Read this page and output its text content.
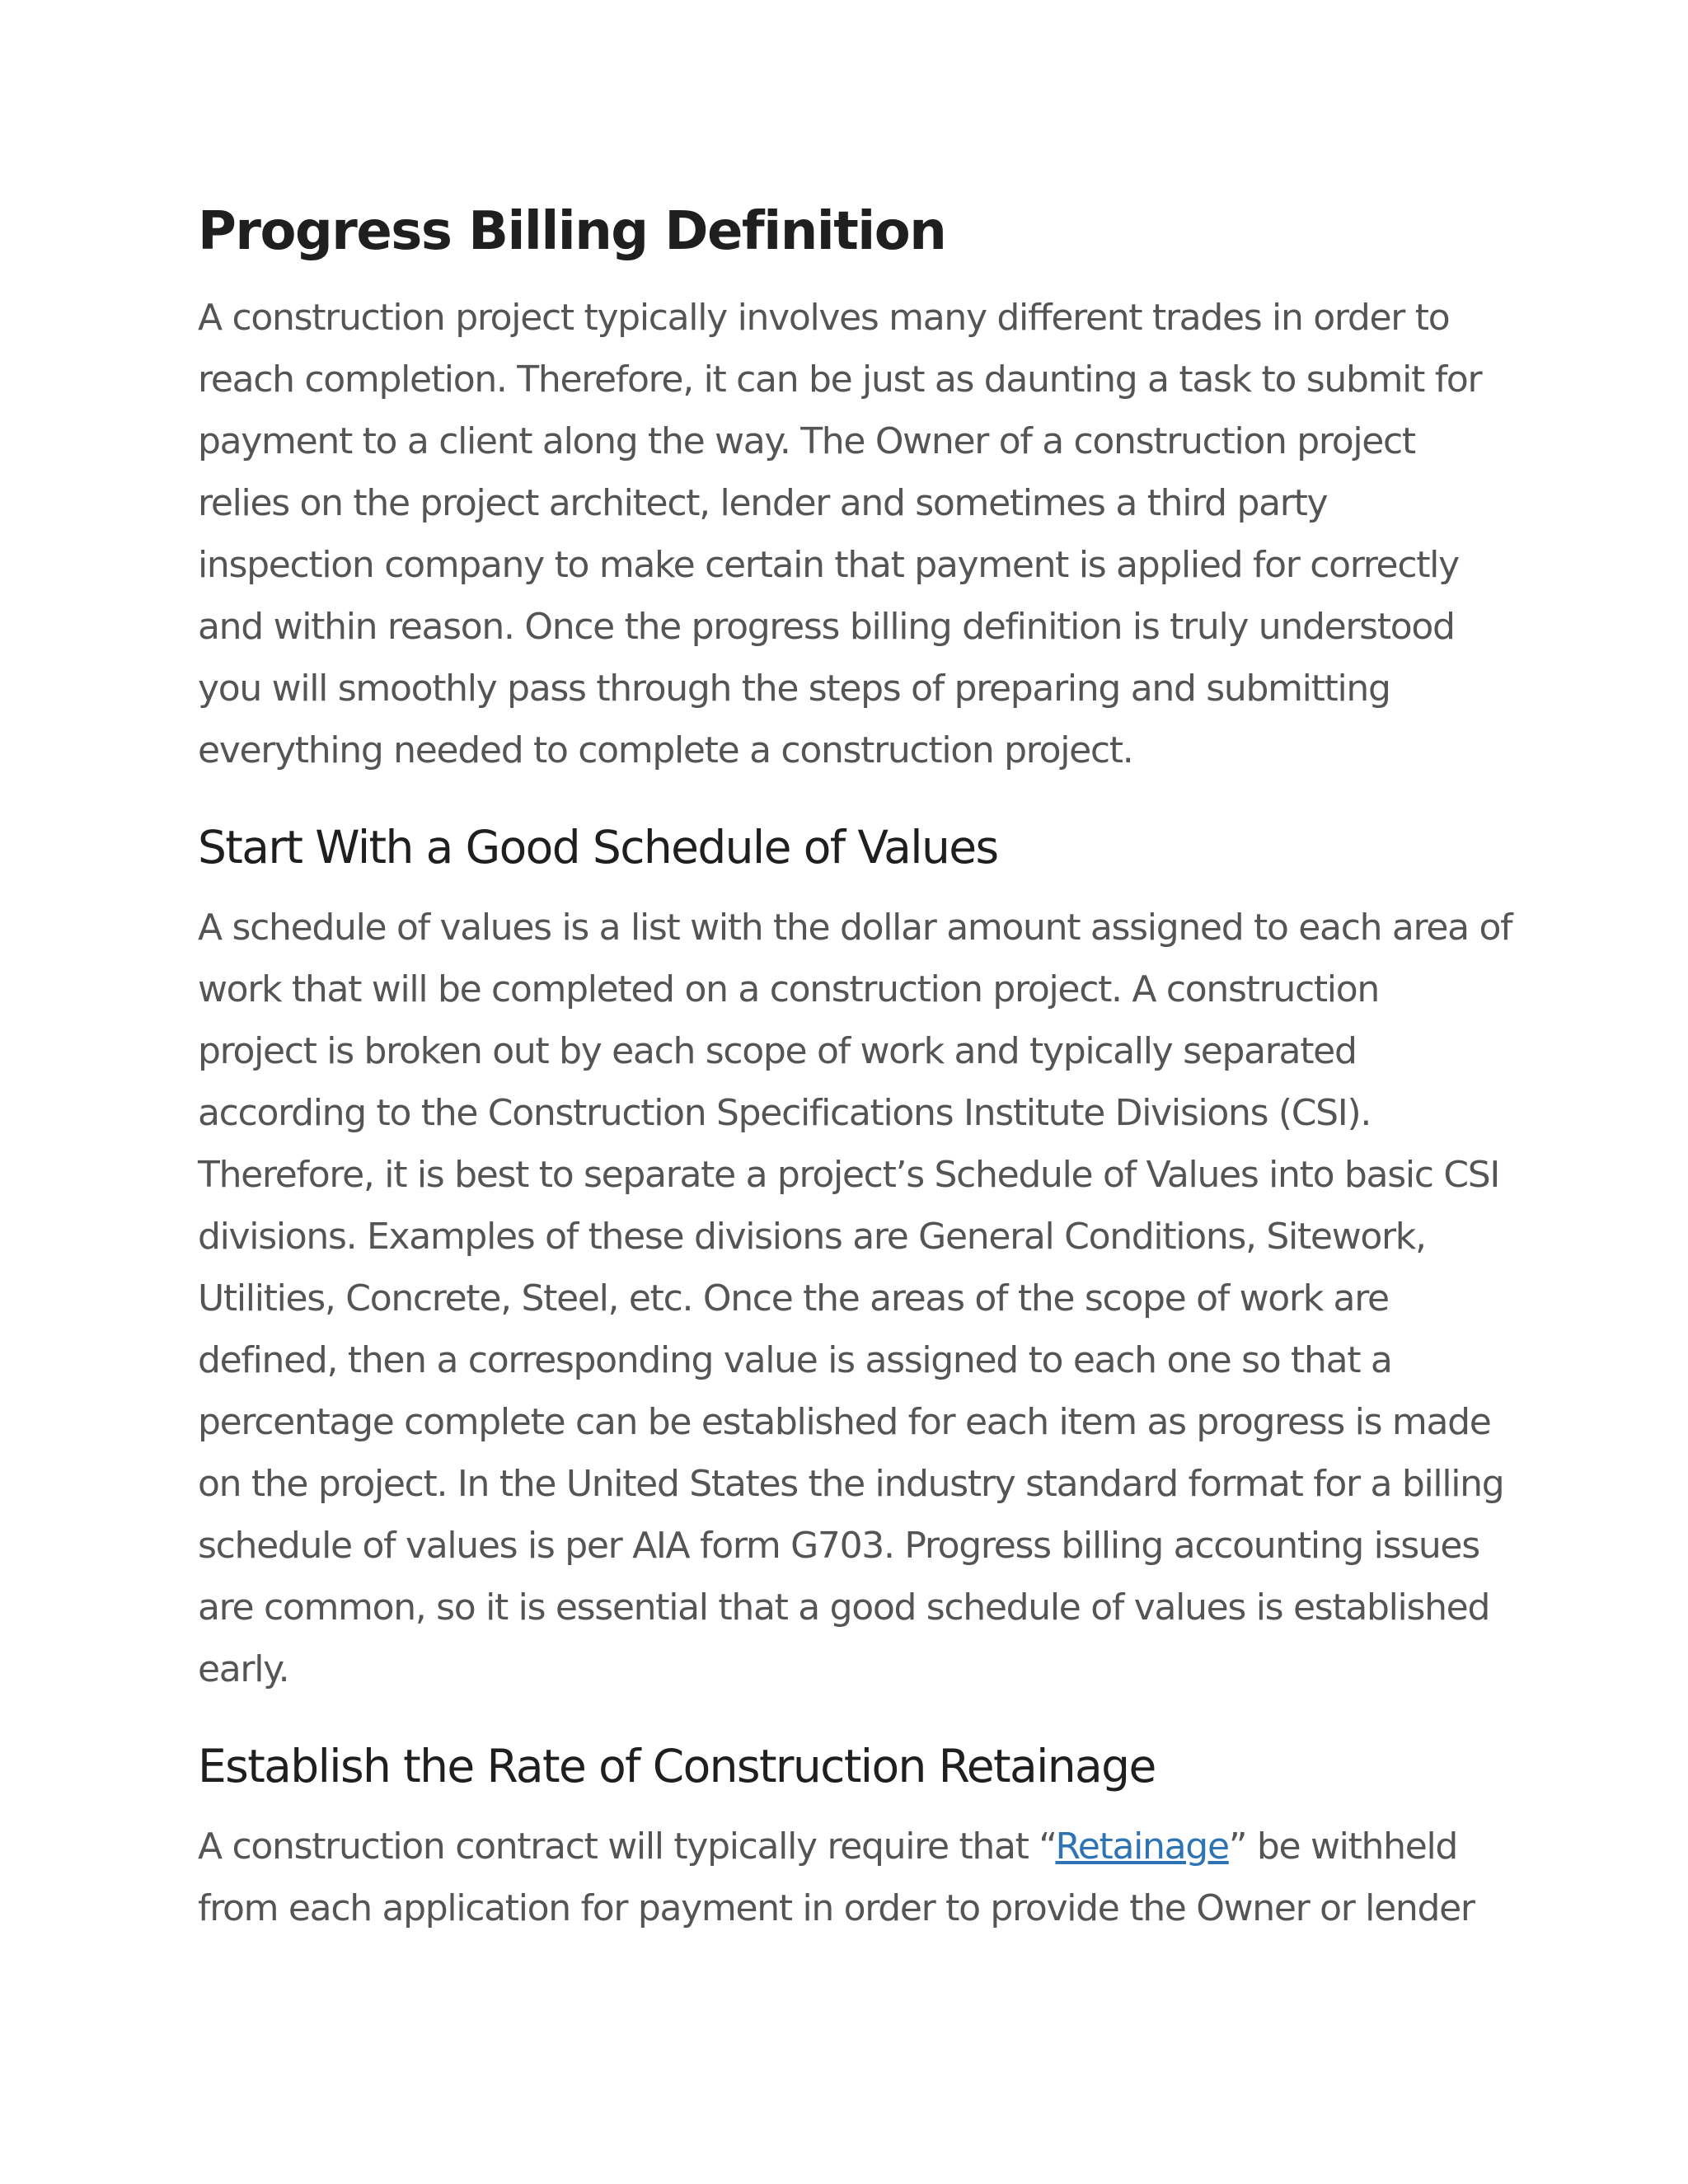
Progress Billing Definition

A construction project typically involves many different trades in order to
reach completion. Therefore, it can be just as daunting a task to submit for
payment to a client along the way. The Owner of a construction project
relies on the project architect, lender and sometimes a third party
inspection company to make certain that payment is applied for correctly
and within reason. Once the progress billing definition is truly understood
you will smoothly pass through the steps of preparing and submitting
everything needed to complete a construction project.

Start With a Good Schedule of Values

A schedule of values is a list with the dollar amount assigned to each area of
work that will be completed on a construction project. A construction
project is broken out by each scope of work and typically separated
according to the Construction Specifications Institute Divisions (CSI).
Therefore, it is best to separate a project’s Schedule of Values into basic CSI
divisions. Examples of these divisions are General Conditions, Sitework,
Utilities, Concrete, Steel, etc. Once the areas of the scope of work are
defined, then a corresponding value is assigned to each one so that a
percentage complete can be established for each item as progress is made
on the project. In the United States the industry standard format for a billing
schedule of values is per AIA form G703. Progress billing accounting issues
are common, so it is essential that a good schedule of values is established
early.

Establish the Rate of Construction Retainage

A construction contract will typically require that “Retainage” be withheld
from each application for payment in order to provide the Owner or lender
